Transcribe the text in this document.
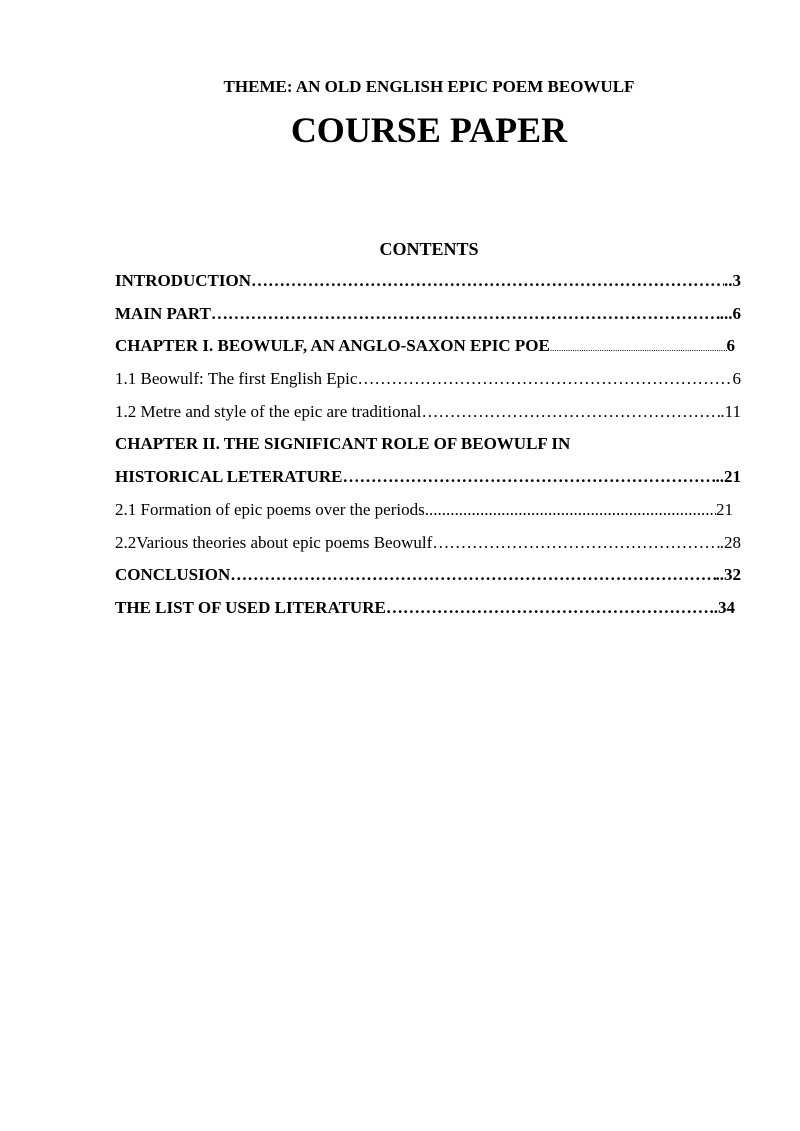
THEME: AN OLD ENGLISH EPIC POEM BEOWULF
COURSE PAPER
CONTENTS
INTRODUCTION …………………………………………………………………………………………………………………………………………………………………………………………………………	..3
MAIN PART …………………………………………………………………………………………………………………………………………………………………………………………………………	...6
CHAPTER I. BEOWULF, AN ANGLO-SAXON EPIC POE .....	6
1.1 Beowulf: The first English Epic …………………………………………………………………………………………………………………………………………………………………………………………………………	6
1.2 Metre and style of the epic are traditional …………………………………………………………………………………………………………………………………………………………………………………………………………	.11
CHAPTER II. THE SIGNIFICANT ROLE OF BEOWULF IN
HISTORICAL LETERATURE …………………………………………………………………………………………………………………………………………………………………………………………………………	..21
2.1 Formation of epic poems over the periods .....	21
2.2Various theories about epic poems Beowulf …………………………………………………………………………………………………………………………………………………………………………………………………………	.28
CONCLUSION …………………………………………………………………………………………………………………………………………………………………………………………………………	..32
THE LIST OF USED LITERATURE …………………………………………………………………………………………………………………………………………………………………………………………………………	.34
